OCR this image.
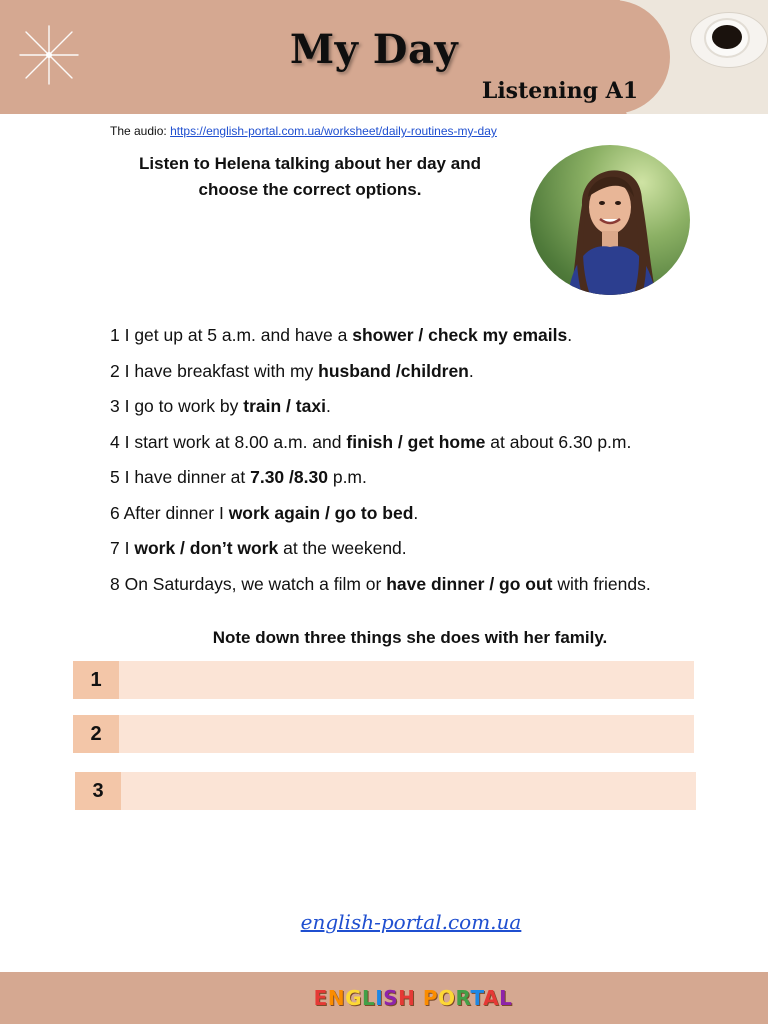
My Day
Listening A1
The audio: https://english-portal.com.ua/worksheet/daily-routines-my-day
Listen to Helena talking about her day and
choose the correct options.
1 I get up at 5 a.m. and have a shower / check my emails.
2 I have breakfast with my husband /children.
3 I go to work by train / taxi.
4 I start work at 8.00 a.m. and finish / get home at about 6.30 p.m.
5 I have dinner at 7.30 /8.30 p.m.
6 After dinner I work again / go to bed.
7 I work / don’t work at the weekend.
8 On Saturdays, we watch a film or have dinner / go out with friends.
Note down three things she does with her family.
1
2
3
english-portal.com.ua
ENGLISH PORTAL
